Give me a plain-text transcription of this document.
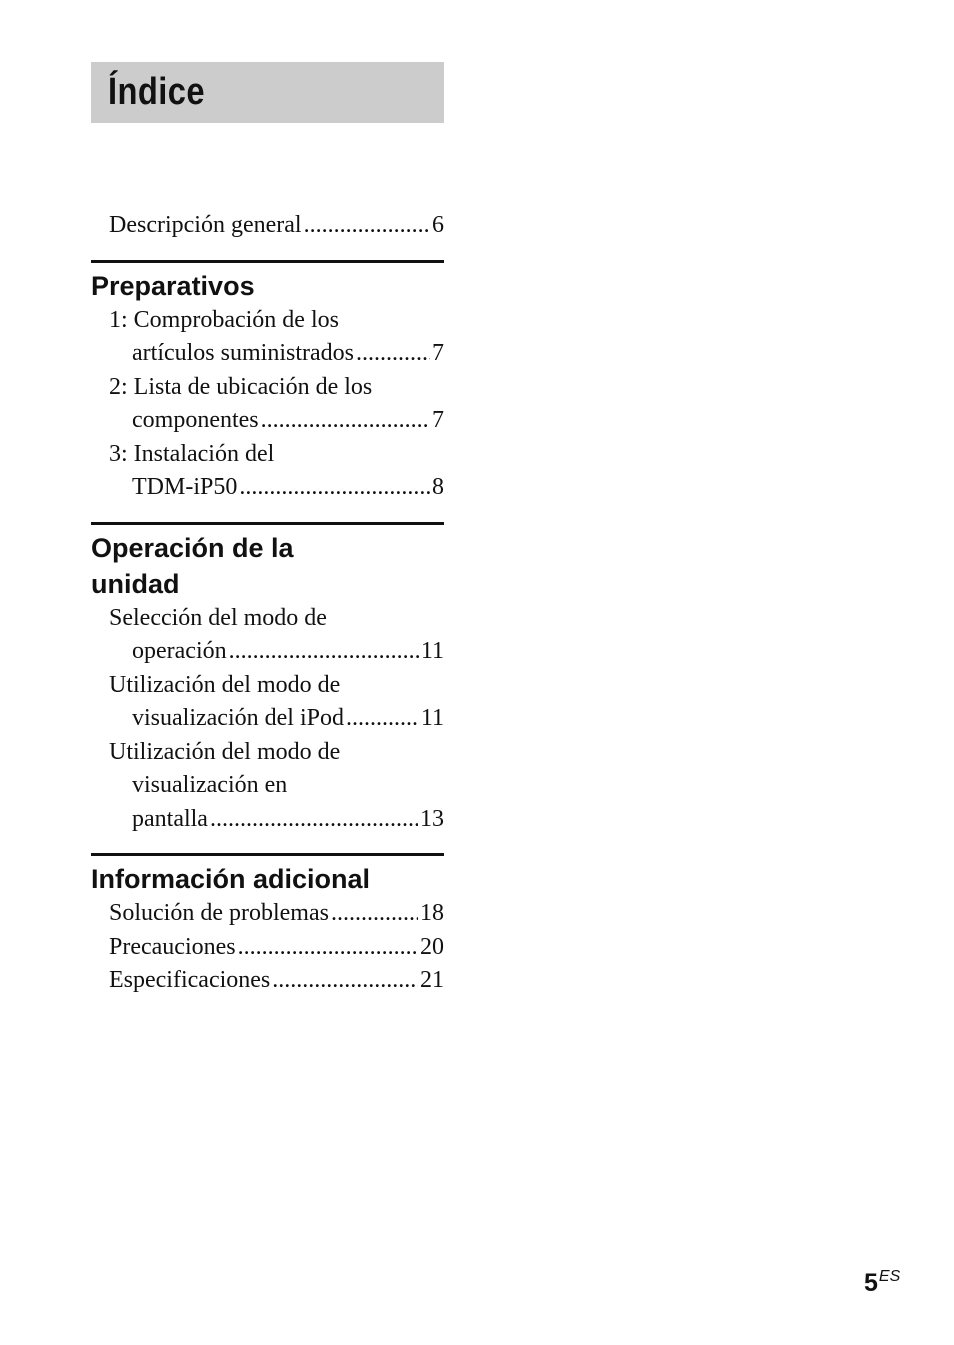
Índice
Descripción general .....	6
Preparativos
1: Comprobación de los
artículos suministrados .....	7
2: Lista de ubicación de los
componentes .....	7
3: Instalación del
TDM-iP50 .....	8
Operación de la
unidad
Selección del modo de
operación .....	11
Utilización del modo de
visualización del iPod .....	11
Utilización del modo de
visualización en
pantalla .....	13
Información adicional
Solución de problemas .....	18
Precauciones .....	20
Especificaciones .....	21
5ES
